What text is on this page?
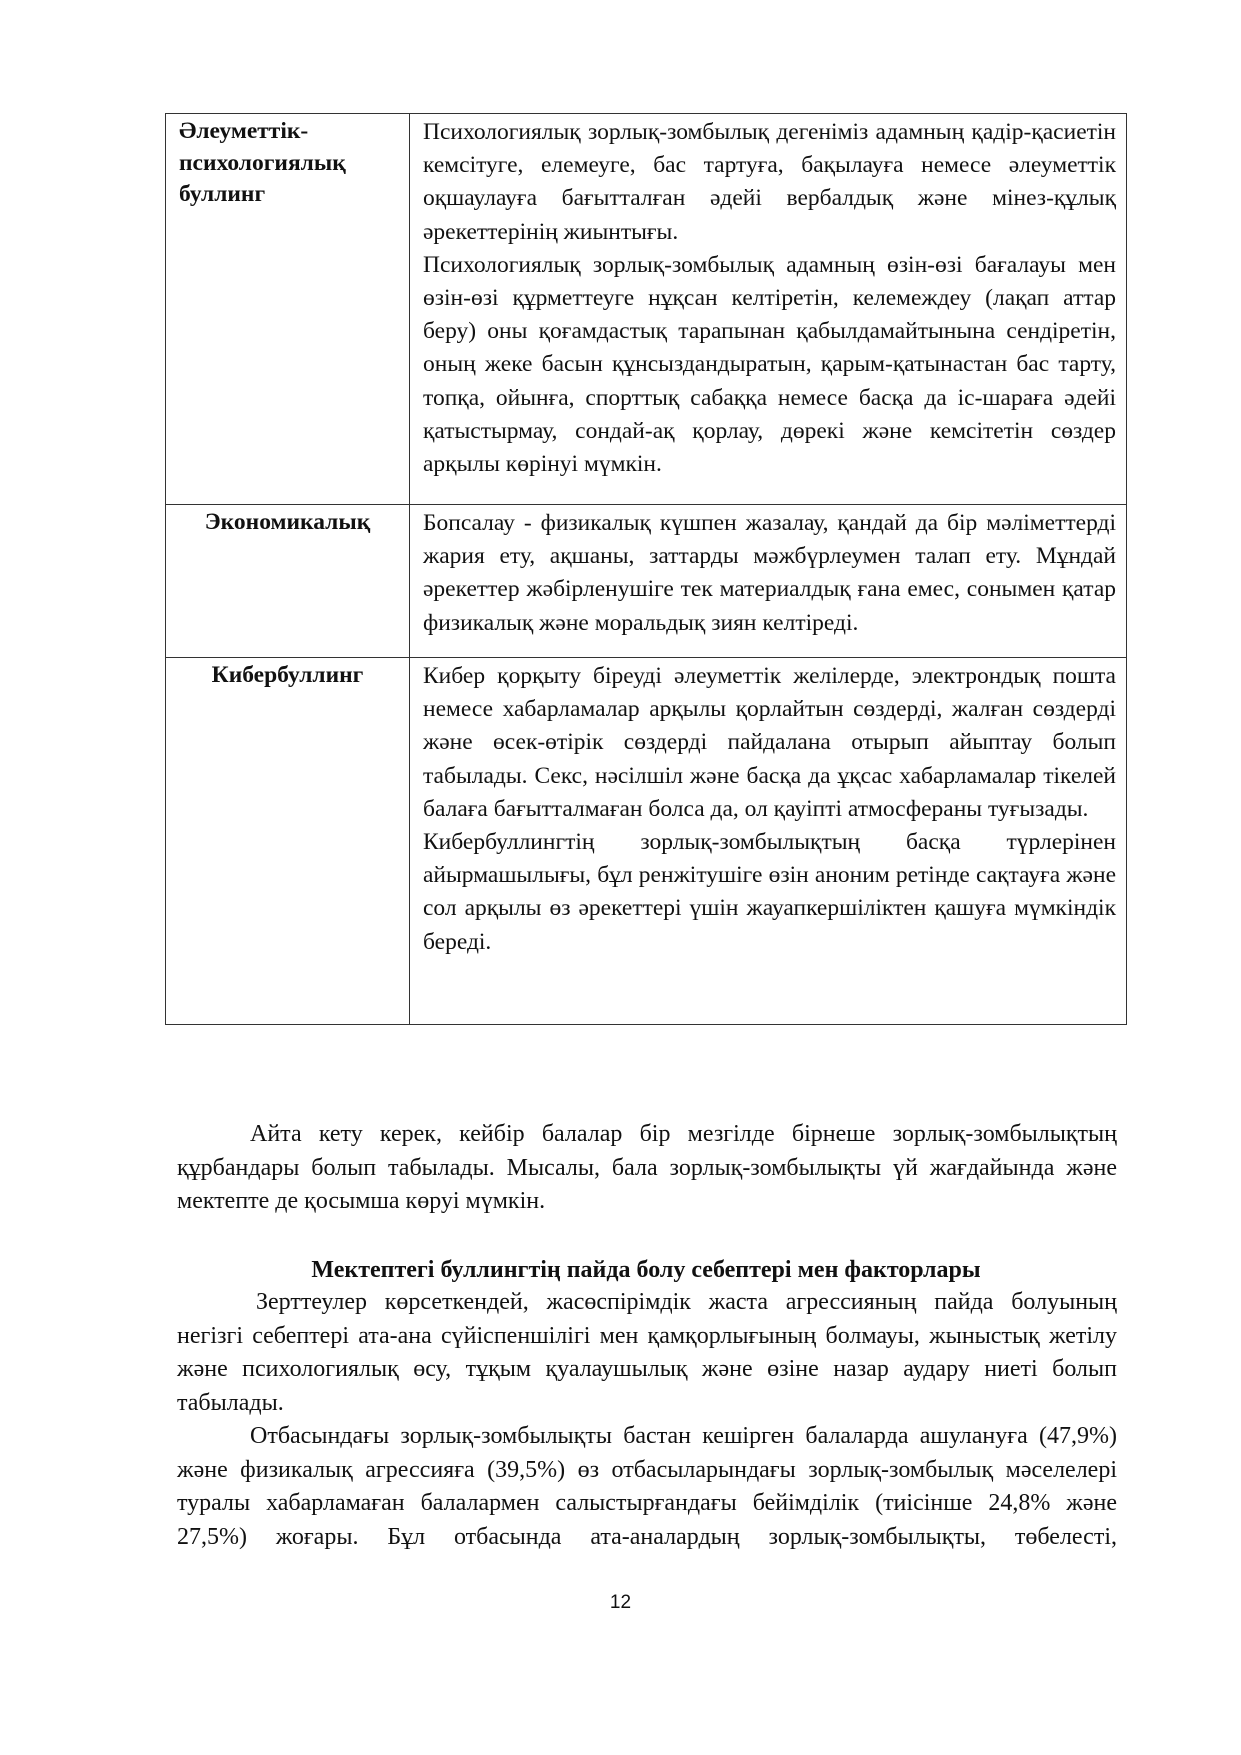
Әлеуметтік-психологиялық буллинг	Психологиялық зорлық-зомбылық дегеніміз адамның қадір-қасиетін кемсітуге, елемеуге, бас тартуға, бақылауға немесе әлеуметтік оқшаулауға бағытталған әдейі вербалдық және мінез-құлық әрекеттерінің жиынтығы.

Психологиялық зорлық-зомбылық адамның өзін-өзі бағалауы мен өзін-өзі құрметтеуге нұқсан келтіретін, келемеждеу (лақап аттар беру) оны қоғамдастық тарапынан қабылдамайтынына сендіретін, оның жеке басын құнсыздандыратын, қарым-қатынастан бас тарту, топқа, ойынға, спорттық сабаққа немесе басқа да іс-шараға әдейі қатыстырмау, сондай-ақ қорлау, дөрекі және кемсітетін сөздер арқылы көрінуі мүмкін.

Экономикалық	Бопсалау - физикалық күшпен жазалау, қандай да бір мәліметтерді жария ету, ақшаны, заттарды мәжбүрлеумен талап ету. Мұндай әрекеттер жәбірленушіге тек материалдық ғана емес, сонымен қатар физикалық және моральдық зиян келтіреді.

Кибербуллинг	Кибер қорқыту біреуді әлеуметтік желілерде, электрондық пошта немесе хабарламалар арқылы қорлайтын сөздерді, жалған сөздерді және өсек-өтірік сөздерді пайдалана отырып айыптау болып табылады. Секс, нәсілшіл және басқа да ұқсас хабарламалар тікелей балаға бағытталмаған болса да, ол қауіпті атмосфераны туғызады.

Кибербуллингтің зорлық-зомбылықтың басқа түрлерінен айырмашылығы, бұл ренжітушіге өзін аноним ретінде сақтауға және сол арқылы өз әрекеттері үшін жауапкершіліктен қашуға мүмкіндік береді.

Айта кету керек, кейбір балалар бір мезгілде бірнеше зорлық-зомбылықтың құрбандары болып табылады. Мысалы, бала зорлық-зомбылықты үй жағдайында және мектепте де қосымша көруі мүмкін.

Мектептегі буллингтің пайда болу себептері мен факторлары

Зерттеулер көрсеткендей, жасөспірімдік жаста агрессияның пайда болуының негізгі себептері ата-ана сүйіспеншілігі мен қамқорлығының болмауы, жыныстық жетілу және психологиялық өсу, тұқым қуалаушылық және өзіне назар аудару ниеті болып табылады.

Отбасындағы зорлық-зомбылықты бастан кешірген балаларда ашулануға (47,9%) және физикалық агрессияға (39,5%) өз отбасыларындағы зорлық-зомбылық мәселелері туралы хабарламаған балалармен салыстырғандағы бейімділік (тиісінше 24,8% және 27,5%) жоғары. Бұл отбасында ата-аналардың зорлық-зомбылықты, төбелесті,

12
